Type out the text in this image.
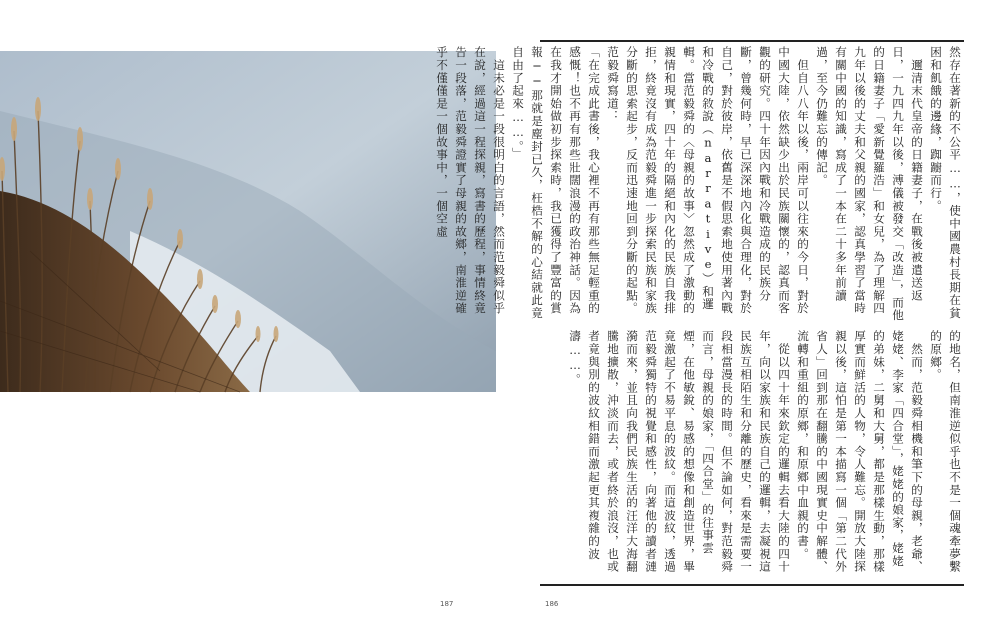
然存在著新的不公平……，使中國農村長期在貧困和飢餓的邊緣，踟躕而行。
　邇清末代皇帝的日籍妻子，在戰後被遣送返日，一九四九年以後，溥儀被發交「改造」，而他的日籍妻子「愛新覺羅浩」和女兒，為了理解四九年以後的丈夫和父親的國家，認真學習了當時有關中國的知識，寫成了一本在二十多年前讀過，至今仍難忘的傳記。
　但自八八年以後，兩岸可以往來的今日，對於中國大陸，依然缺少出於民族關懷的，認真而客觀的研究。四十年因內戰和冷戰造成的民族分斷，曾幾何時，早已深深地內化與合理化，對於自己，對於彼岸，依舊是不假思索地使用著內戰和冷戰的敘說（narrative）和邏輯。當范毅舜的〈母親的故事〉忽然成了激動的親情和現實，四十年的隔絕和內化的民族自我排拒，終竟沒有成為范毅舜進一步探索民族和家族分斷的思索起步，反而迅速地回到分斷的起點。范毅舜寫道：
「在完成此書後，我心裡不再有那些無足輕重的感慨！也不再有那些壯闊浪漫的政治神話。因為在我才開始做初步探索時，我已獲得了豐富的賞報──那就是塵封已久，枉梏不解的心結就此竟自由了起來……。」
　這未必是一段很明白的言語，然而范毅舜似乎在說，經過這一程探親，寫書的歷程，事情終竟告一段落，范毅舜證實了母親的故鄉，南淮逆確乎不僅僅是一個故事中，一個空虛
的地名，但南淮逆似乎也不是一個魂牽夢繫的原鄉。
　然而，范毅舜相機和筆下的母親，老爺、姥姥、李家「四合堂」，姥姥的娘家，姥姥的弟妹，二舅和大舅，都是那樣生動，那樣厚實而鮮活的人物，令人難忘。開放大陸探親以後，這怕是第一本描寫一個「第二代外省人」回到那在翻騰的中國現實史中解體、流轉和重組的原鄉，和原鄉中血親的書。
　從以四十年來欽定的邏輯去看大陸的四十年，向以家族和民族自己的邏輯，去凝視這民族互相陌生和分離的歷史，看來是需要一段相當漫長的時間。但不論如何，對范毅舜而言，母親的娘家，「四合堂」的往事雲煙，在他敏銳、易感的想像和創造世界，畢竟激起了不易平息的波紋。而這波紋，透過范毅舜獨特的視覺和感性，向著他的讀者漣漪而來，並且向我們民族生活的汪洋大海翻騰地擴散，沖淡而去，或者終於浪沒，也或者竟與別的波紋相錯而激起更其複雜的波濤……。
187	186
